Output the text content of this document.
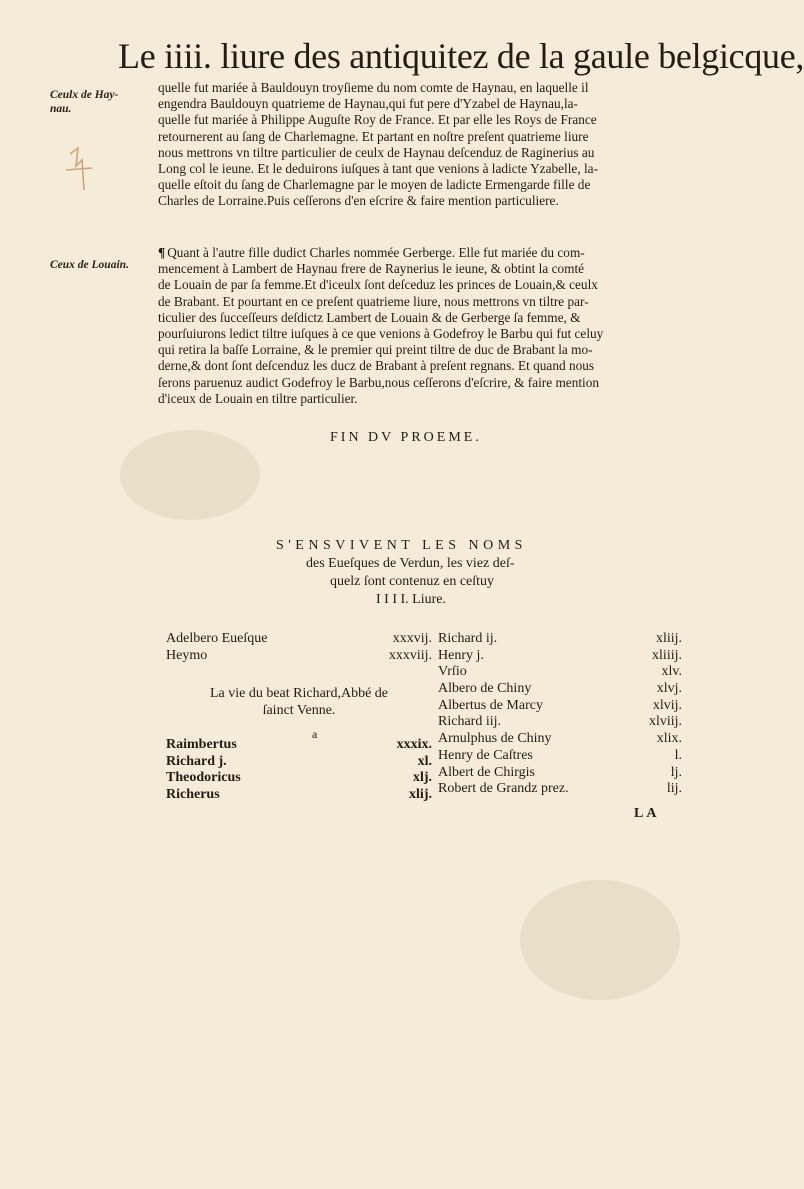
Le iiii. liure des antiquitez de la gaule belgicque,
Ceulx de Hay-
nau.
Ceux de Louain.
quelle fut mariée à Bauldouyn troyſieme du nom comte de Haynau, en laquelle il
engendra Bauldouyn quatrieme de Haynau,qui fut pere d'Yzabel de Haynau,la-
quelle fut mariée à Philippe Auguſte Roy de France. Et par elle les Roys de France
retournerent au ſang de Charlemagne. Et partant en noſtre preſent quatrieme liure
nous mettrons vn tiltre particulier de ceulx de Haynau deſcenduz de Raginerius au
Long col le ieune. Et le deduirons iuſques à tant que venions à ladicte Yzabelle, la-
quelle eſtoit du ſang de Charlemagne par le moyen de ladicte Ermengarde fille de
Charles de Lorraine.Puis ceſſerons d'en eſcrire & faire mention particuliere.
¶ Quant à l'autre fille dudict Charles nommée Gerberge. Elle fut mariée du com-
mencement à Lambert de Haynau frere de Raynerius le ieune, & obtint la comté
de Louain de par ſa femme.Et d'iceulx ſont deſceduz les princes de Louain,& ceulx
de Brabant. Et pourtant en ce preſent quatrieme liure, nous mettrons vn tiltre par-
ticulier des ſucceſſeurs deſdictz Lambert de Louain & de Gerberge ſa femme, &
pourſuiurons ledict tiltre iuſques à ce que venions à Godefroy le Barbu qui fut celuy
qui retira la baſſe Lorraine, & le premier qui preint tiltre de duc de Brabant la mo-
derne,& dont ſont deſcenduz les ducz de Brabant à preſent regnans. Et quand nous
ſerons paruenuz audict Godefroy le Barbu,nous ceſſerons d'eſcrire, & faire mention
d'iceux de Louain en tiltre particulier.
FIN DV PROEME.
S'ENSVIVENT LES NOMS
des Eueſques de Verdun, les viez deſ-
quelz ſont contenuz en ceſtuy
I I I I. Liure.
Adelbero Eueſque	xxxvij.
Heymo	xxxviij.
La vie du beat Richard,Abbé de
ſainct Venne.
a
Raimbertus	xxxix.
Richard j.	xl.
Theodoricus	xlj.
Richerus	xlij.
Richard ij.	xliij.
Henry j.	xliiij.
Vrſio	xlv.
Albero de Chiny	xlvj.
Albertus de Marcy	xlvij.
Richard iij.	xlviij.
Arnulphus de Chiny	xlix.
Henry de Caſtres	l.
Albert de Chirgis	lj.
Robert de Grandz prez.	lij.
LA
